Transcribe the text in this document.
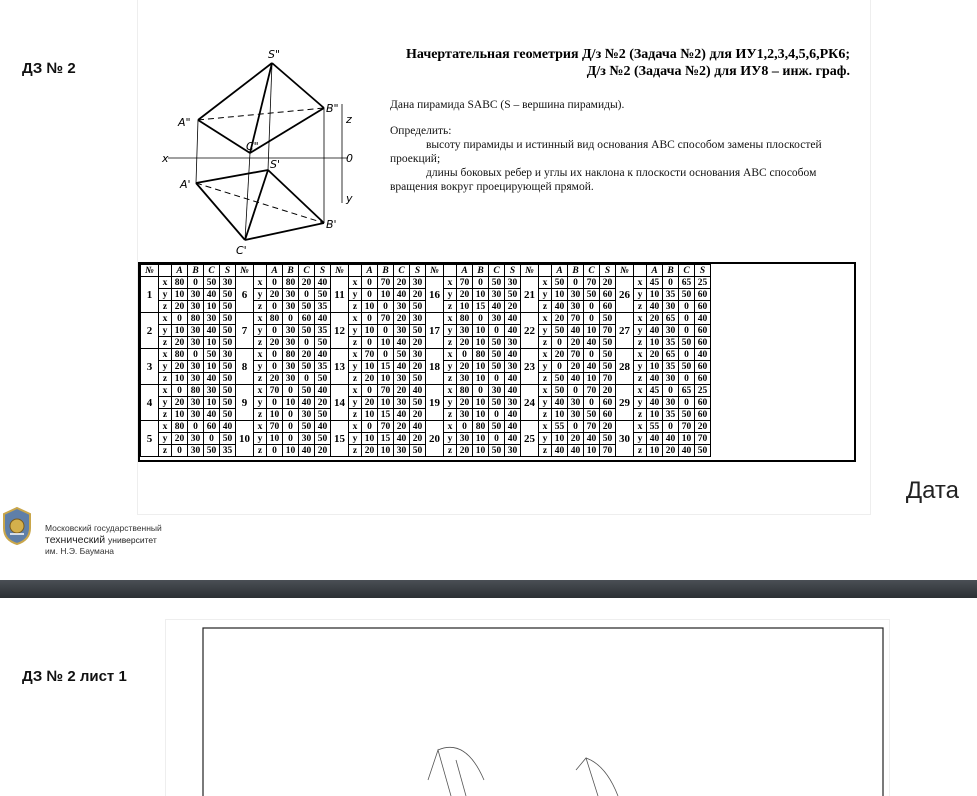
ДЗ № 2
S"
B"
A"
C"
z
x	0
S'
A'
B'
C'
y
Начертательная геометрия Д/з №2 (Задача №2) для ИУ1,2,3,4,5,6,РК6;
Д/з №2 (Задача №2) для ИУ8 – инж. граф.

Дана пирамида SABC (S – вершина пирамиды).

Определить:

высоту пирамиды и истинный вид основания ABC способом замены плоскостей проекций;

длины боковых ребер и углы их наклона к плоскости основания ABC способом вращения вокруг проецирующей прямой.

№		A	B	C	S	№		A	B	C	S	№		A	B	C	S	№		A	B	C	S	№		A	B	C	S	№		A	B	C	S
1	x	80	0	50	30	6	x	0	80	20	40	11	x	0	70	20	30	16	x	70	0	50	30	21	x	50	0	70	20	26	x	45	0	65	25
	y	10	30	40	50		y	20	30	0	50		y	0	10	40	20		y	20	10	30	50		y	10	30	50	60		y	10	35	50	60
	z	20	30	10	50		z	0	30	50	35		z	10	0	30	50		z	10	15	40	20		z	40	30	0	60		z	40	30	0	60
2	x	0	80	30	50	7	x	80	0	60	40	12	x	0	70	20	30	17	x	80	0	30	40	22	x	20	70	0	50	27	x	20	65	0	40
	y	10	30	40	50		y	0	30	50	35		y	10	0	30	50		y	30	10	0	40		y	50	40	10	70		y	40	30	0	60
	z	20	30	10	50		z	20	30	0	50		z	0	10	40	20		z	20	10	50	30		z	0	20	40	50		z	10	35	50	60
3	x	80	0	50	30	8	x	0	80	20	40	13	x	70	0	50	30	18	x	0	80	50	40	23	x	20	70	0	50	28	x	20	65	0	40
	y	20	30	10	50		y	0	30	50	35		y	10	15	40	20		y	20	10	50	30		y	0	20	40	50		y	10	35	50	60
	z	10	30	40	50		z	20	30	0	50		z	20	10	30	50		z	30	10	0	40		z	50	40	10	70		z	40	30	0	60
4	x	0	80	30	50	9	x	70	0	50	40	14	x	0	70	20	40	19	x	80	0	30	40	24	x	50	0	70	20	29	x	45	0	65	25
	y	20	30	10	50		y	0	10	40	20		y	20	10	30	50		y	20	10	50	30		y	40	30	0	60		y	40	30	0	60
	z	10	30	40	50		z	10	0	30	50		z	10	15	40	20		z	30	10	0	40		z	10	30	50	60		z	10	35	50	60
5	x	80	0	60	40	10	x	70	0	50	40	15	x	0	70	20	40	20	x	0	80	50	40	25	x	55	0	70	20	30	x	55	0	70	20
	y	20	30	0	50		y	10	0	30	50		y	10	15	40	20		y	30	10	0	40		y	10	20	40	50		y	40	40	10	70
	z	0	30	50	35		z	0	10	40	20		z	20	10	30	50		z	20	10	50	30		z	40	40	10	70		z	10	20	40	50
Дата
Московский государственный
технический университет
им. Н.Э. Баумана
ДЗ № 2 лист 1
